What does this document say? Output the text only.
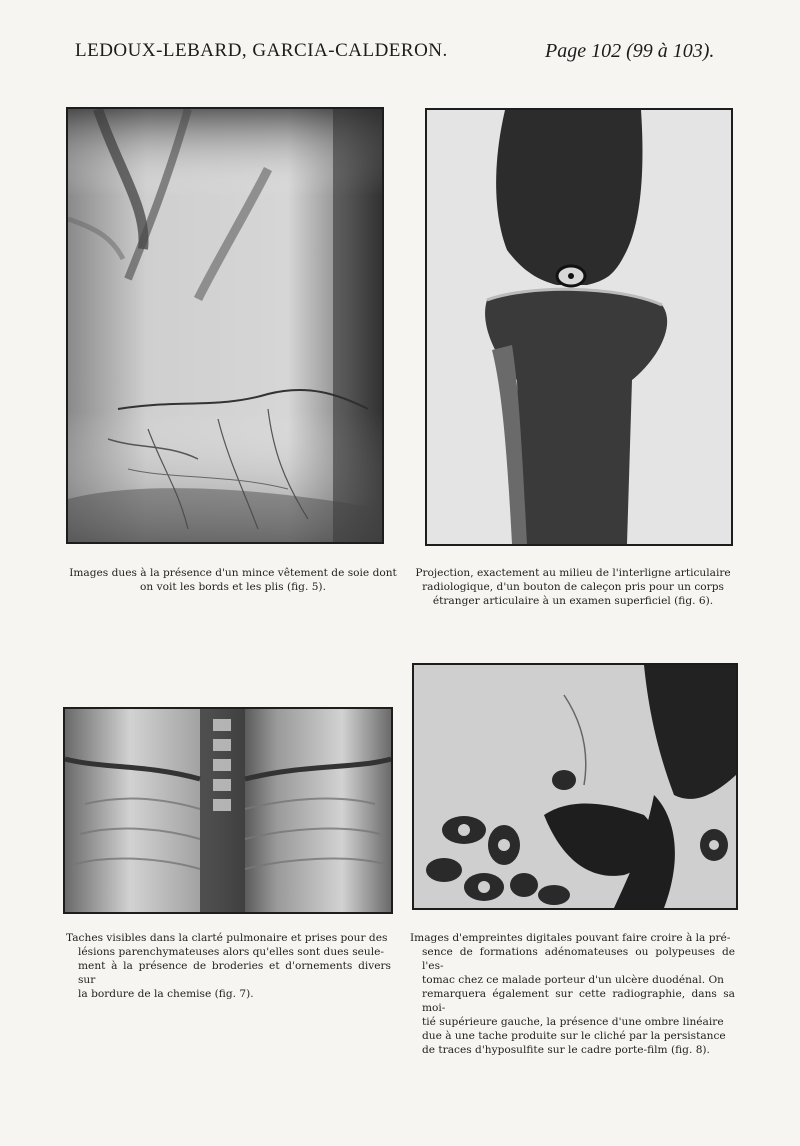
LEDOUX-LEBARD, GARCIA-CALDERON.	Page 102 (99 à 103).

Images dues à la présence d'un mince vêtement de soie dont

on voit les bords et les plis (fig. 5).

Projection, exactement au milieu de l'interligne articulaire

radiologique, d'un bouton de caleçon pris pour un corps

étranger articulaire à un examen superficiel (fig. 6).

Taches visibles dans la clarté pulmonaire et prises pour des

lésions parenchymateuses alors qu'elles sont dues seule-

ment à la présence de broderies et d'ornements divers sur

la bordure de la chemise (fig. 7).

Images d'empreintes digitales pouvant faire croire à la pré-

sence de formations adénomateuses ou polypeuses de l'es-

tomac chez ce malade porteur d'un ulcère duodénal. On

remarquera également sur cette radiographie, dans sa moi-

tié supérieure gauche, la présence d'une ombre linéaire

due à une tache produite sur le cliché par la persistance

de traces d'hyposulfite sur le cadre porte-film (fig. 8).
